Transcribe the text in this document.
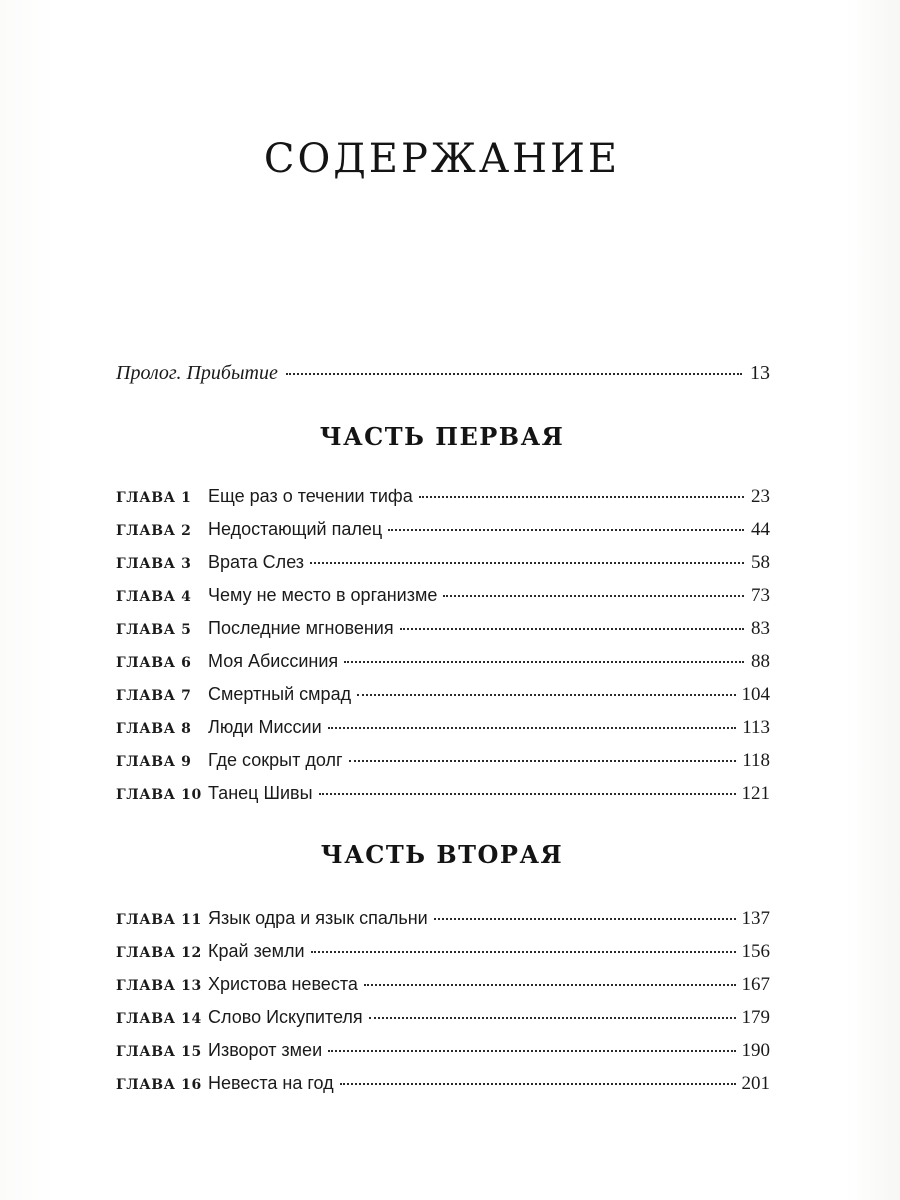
СОДЕРЖАНИЕ
Пролог. Прибытие	13
ЧАСТЬ ПЕРВАЯ
ГЛАВА 1 Еще раз о течении тифа	23
ГЛАВА 2 Недостающий палец	44
ГЛАВА 3 Врата Слез	58
ГЛАВА 4 Чему не место в организме	73
ГЛАВА 5 Последние мгновения	83
ГЛАВА 6 Моя Абиссиния	88
ГЛАВА 7 Смертный смрад	104
ГЛАВА 8 Люди Миссии	113
ГЛАВА 9 Где сокрыт долг	118
ГЛАВА 10 Танец Шивы	121
ЧАСТЬ ВТОРАЯ
ГЛАВА 11 Язык одра и язык спальни	137
ГЛАВА 12 Край земли	156
ГЛАВА 13 Христова невеста	167
ГЛАВА 14 Слово Искупителя	179
ГЛАВА 15 Изворот змеи	190
ГЛАВА 16 Невеста на год	201
